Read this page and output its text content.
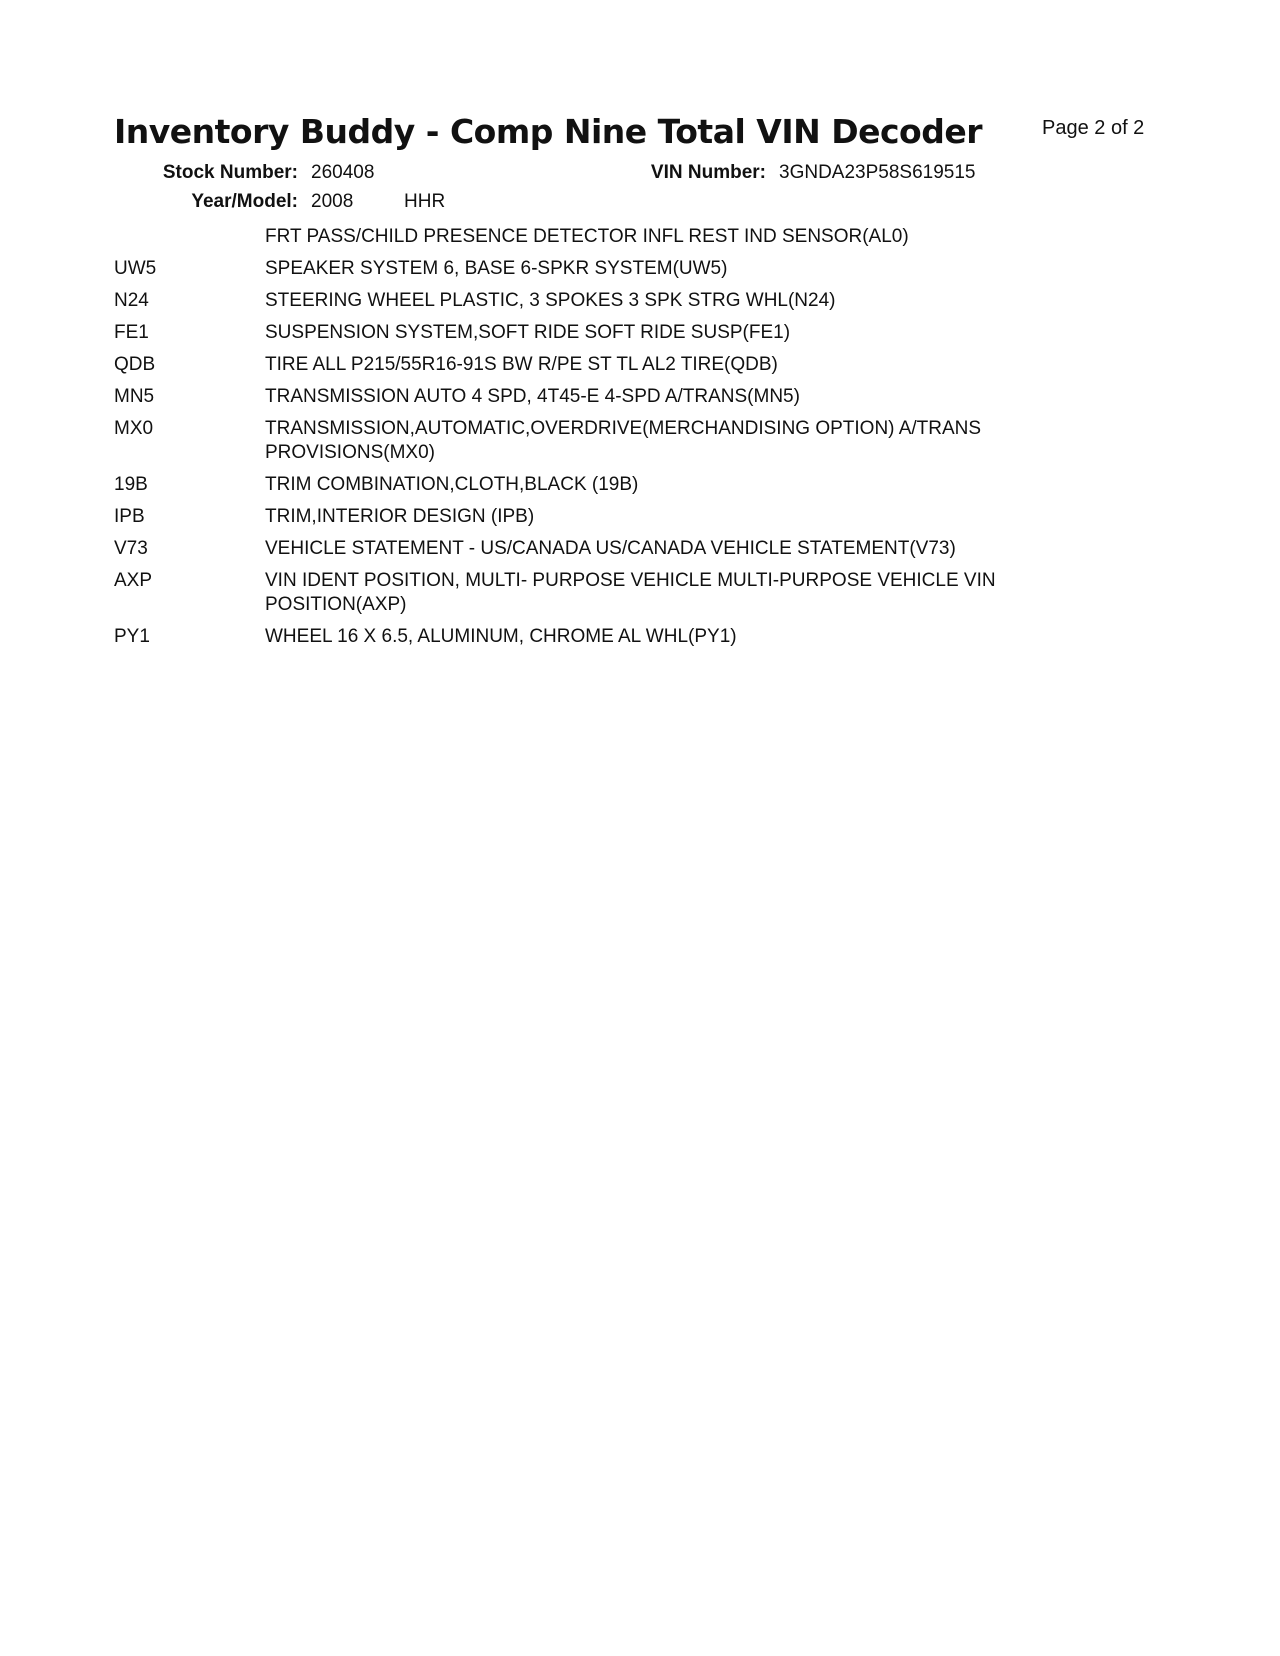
Inventory Buddy - Comp Nine Total VIN Decoder	Page 2 of 2
Stock Number: 260408	VIN Number: 3GNDA23P58S619515
Year/Model: 2008	HHR
FRT PASS/CHILD PRESENCE DETECTOR INFL REST IND SENSOR(AL0)
UW5	SPEAKER SYSTEM 6, BASE 6-SPKR SYSTEM(UW5)
N24	STEERING WHEEL PLASTIC, 3 SPOKES 3 SPK STRG WHL(N24)
FE1	SUSPENSION SYSTEM,SOFT RIDE SOFT RIDE SUSP(FE1)
QDB	TIRE ALL P215/55R16-91S BW R/PE ST TL AL2 TIRE(QDB)
MN5	TRANSMISSION AUTO 4 SPD, 4T45-E 4-SPD A/TRANS(MN5)
MX0	TRANSMISSION,AUTOMATIC,OVERDRIVE(MERCHANDISING OPTION) A/TRANS PROVISIONS(MX0)
19B	TRIM COMBINATION,CLOTH,BLACK (19B)
IPB	TRIM,INTERIOR DESIGN (IPB)
V73	VEHICLE STATEMENT - US/CANADA US/CANADA VEHICLE STATEMENT(V73)
AXP	VIN IDENT POSITION, MULTI- PURPOSE VEHICLE MULTI-PURPOSE VEHICLE VIN POSITION(AXP)
PY1	WHEEL 16 X 6.5, ALUMINUM, CHROME AL WHL(PY1)
